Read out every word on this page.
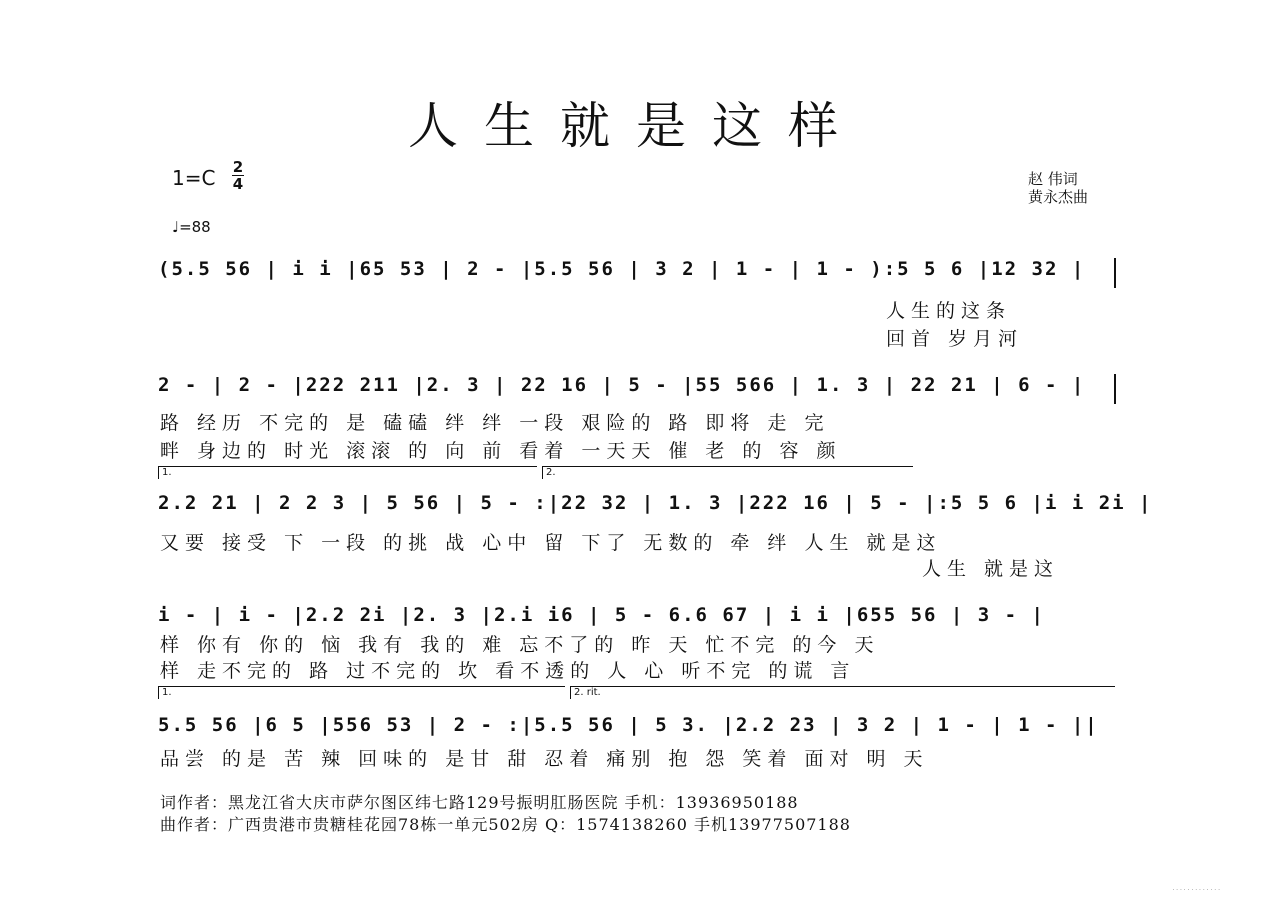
人生就是这样
1=C 2
4
♩=88
赵 伟词
黄永杰曲
(5.5 56 | i i |65 53 | 2 - |5.5 56 | 3 2 | 1 - | 1 - ):5 5 6 |12 32 |
人生的这条
回首 岁月河
2 - | 2 - |222 211 |2. 3 | 22 16 | 5 - |55 566 | 1. 3 | 22 21 | 6 - |
路 经历 不完的 是 磕磕 绊 绊 一段 艰险的 路 即将 走 完
畔 身边的 时光 滚滚 的 向 前 看着 一天天 催 老 的 容 颜
1.	2.
2.2 21 | 2 2 3 | 5 56 | 5 - :|22 32 | 1. 3 |222 16 | 5 - |:5 5 6 |i i 2i |
又要 接受 下 一段 的挑 战 心中 留 下了 无数的 牵 绊 人生 就是这
人生 就是这
i - | i - |2.2 2i |2. 3 |2.i i6 | 5 - 6.6 67 | i i |655 56 | 3 - |
样 你有 你的 恼 我有 我的 难 忘不了的 昨 天 忙不完 的今 天
样 走不完的 路 过不完的 坎 看不透的 人 心 听不完 的谎 言
1.	2. rit.
5.5 56 |6 5 |556 53 | 2 - :|5.5 56 | 5 3. |2.2 23 | 3 2 | 1 - | 1 - ||
品尝 的是 苦 辣 回味的 是甘 甜 忍着 痛别 抱 怨 笑着 面对 明 天
词作者：黑龙江省大庆市萨尔图区纬七路129号振明肛肠医院 手机：13936950188
曲作者：广西贵港市贵糖桂花园78栋一单元502房 Q：1574138260 手机13977507188
· · · · · · · · · · · · ·
